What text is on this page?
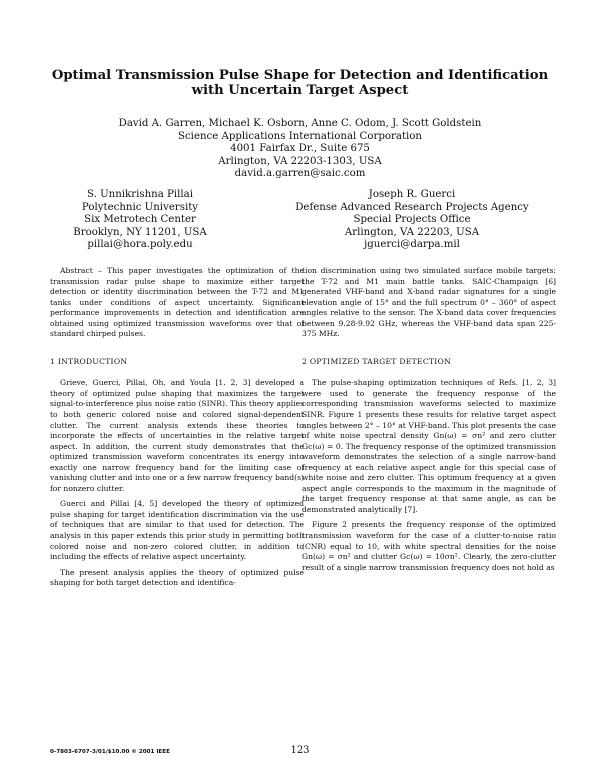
Optimal Transmission Pulse Shape for Detection and Identification
with Uncertain Target Aspect
David A. Garren, Michael K. Osborn, Anne C. Odom, J. Scott Goldstein
Science Applications International Corporation
4001 Fairfax Dr., Suite 675
Arlington, VA 22203-1303, USA
david.a.garren@saic.com
S. Unnikrishna Pillai
Polytechnic University
Six Metrotech Center
Brooklyn, NY 11201, USA
pillai@hora.poly.edu
Joseph R. Guerci
Defense Advanced Research Projects Agency
Special Projects Office
Arlington, VA 22203, USA
jguerci@darpa.mil

Abstract – This paper investigates the optimization of the transmission radar pulse shape to maximize either target detection or identity discrimination between the T-72 and M1 tanks under conditions of aspect uncertainty. Significant performance improvements in detection and identification are obtained using optimized transmission waveforms over that of standard chirped pulses.

1 INTRODUCTION

Grieve, Guerci, Pillai, Oh, and Youla [1, 2, 3] developed a theory of optimized pulse shaping that maximizes the target signal-to-interference plus noise ratio (SINR). This theory applies to both generic colored noise and colored signal-dependent clutter. The current analysis extends these theories to incorporate the effects of uncertainties in the relative target aspect. In addition, the current study demonstrates that the optimized transmission waveform concentrates its energy into exactly one narrow frequency band for the limiting case of vanishing clutter and into one or a few narrow frequency band(s) for nonzero clutter.

Guerci and Pillai [4, 5] developed the theory of optimized pulse shaping for target identification discrimination via the use of techniques that are similar to that used for detection. The analysis in this paper extends this prior study in permitting both colored noise and non-zero colored clutter, in addition to including the effects of relative aspect uncertainty.

The present analysis applies the theory of optimized pulse shaping for both target detection and identifica-

tion discrimination using two simulated surface mobile targets: the T-72 and M1 main battle tanks. SAIC-Champaign [6] generated VHF-band and X-band radar signatures for a single elevation angle of 15° and the full spectrum 0° – 360° of aspect angles relative to the sensor. The X-band data cover frequencies between 9.28-9.92 GHz, whereas the VHF-band data span 225-375 MHz.

2 OPTIMIZED TARGET DETECTION

The pulse-shaping optimization techniques of Refs. [1, 2, 3] were used to generate the frequency response of the corresponding transmission waveforms selected to maximize SINR. Figure 1 presents these results for relative target aspect angles between 2° – 10° at VHF-band. This plot presents the case of white noise spectral density Gn(ω) = σn² and zero clutter Gc(ω) = 0. The frequency response of the optimized transmission waveform demonstrates the selection of a single narrow-band frequency at each relative aspect angle for this special case of white noise and zero clutter. This optimum frequency at a given aspect angle corresponds to the maximum in the magnitude of the target frequency response at that same angle, as can be demonstrated analytically [7].

Figure 2 presents the frequency response of the optimized transmission waveform for the case of a clutter-to-noise ratio (CNR) equal to 10, with white spectral densities for the noise Gn(ω) = σn² and clutter Gc(ω) = 10σn². Clearly, the zero-clutter result of a single narrow transmission frequency does not hold as

0-7803-6707-3/01/$10.00 © 2001 IEEE	123
